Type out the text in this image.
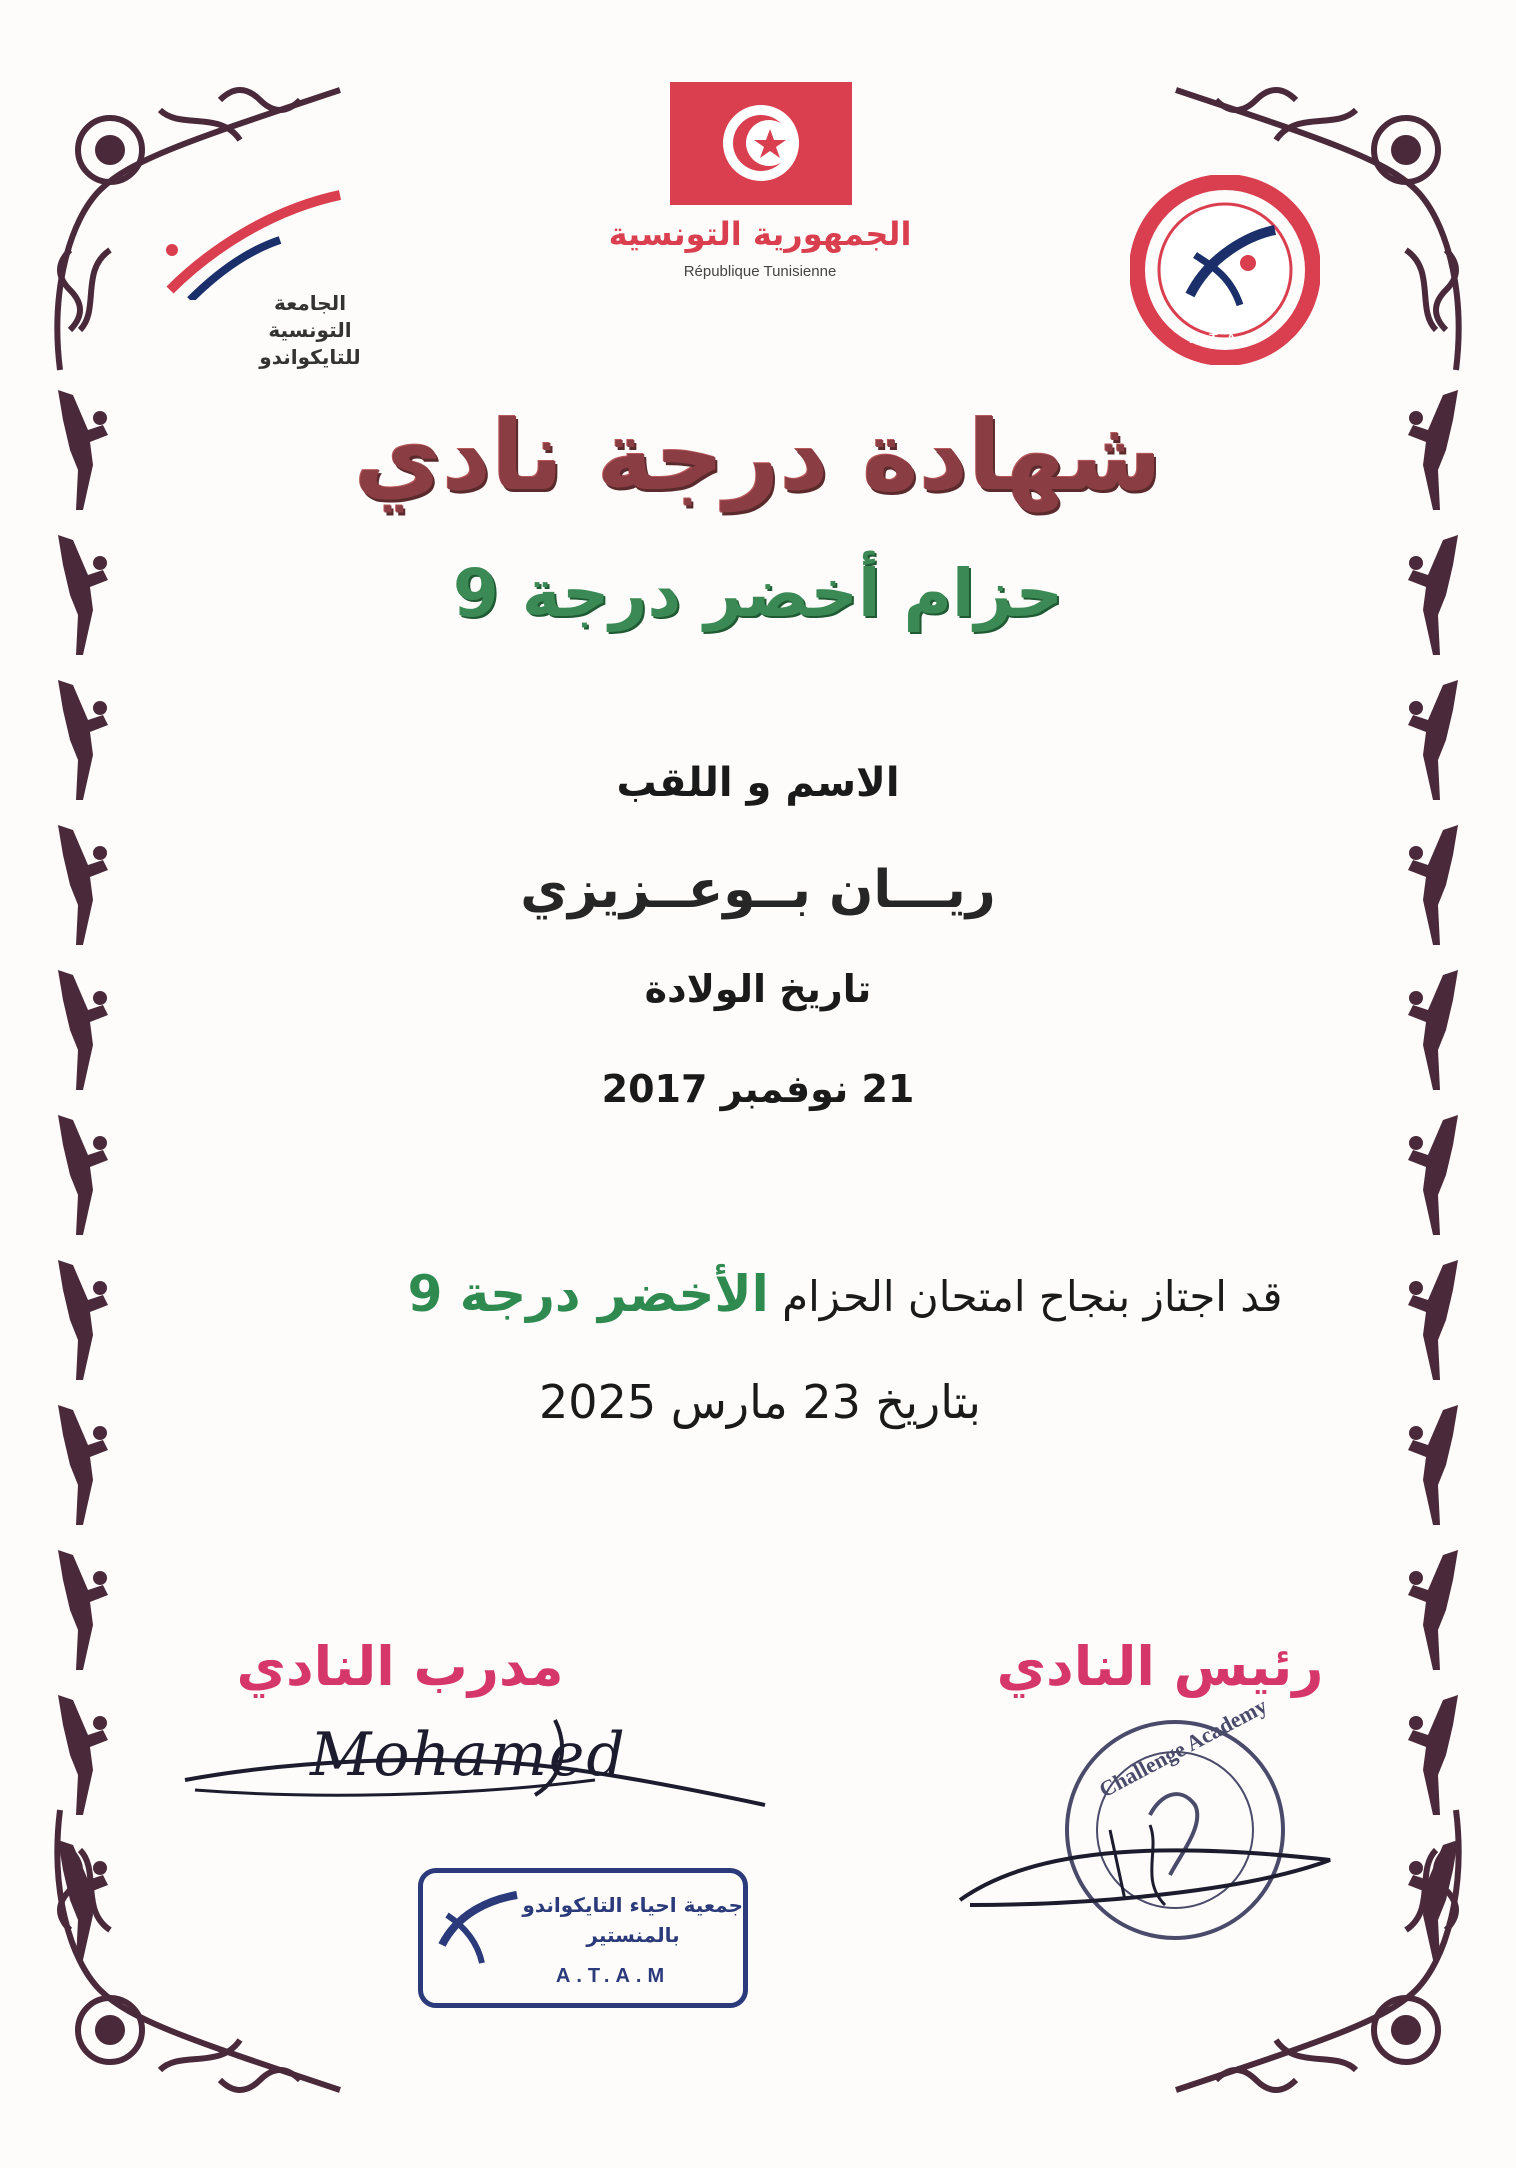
الجامعة
التونسية
للتايكواندو
الجمهورية التونسية
République Tunisienne
A.T.A.M
شهادة درجة نادي
حزام أخضر درجة 9
الاسم و اللقب
ريـــان بــوعــزيزي
تاريخ الولادة
21 نوفمبر 2017
قد اجتاز بنجاح امتحان الحزام الأخضر درجة 9
بتاريخ 23 مارس 2025
مدرب النادي
Mohamed
رئيس النادي
Challenge Academy
جمعية احياء التايكواندو
بالمنستير
A.T.A.M
